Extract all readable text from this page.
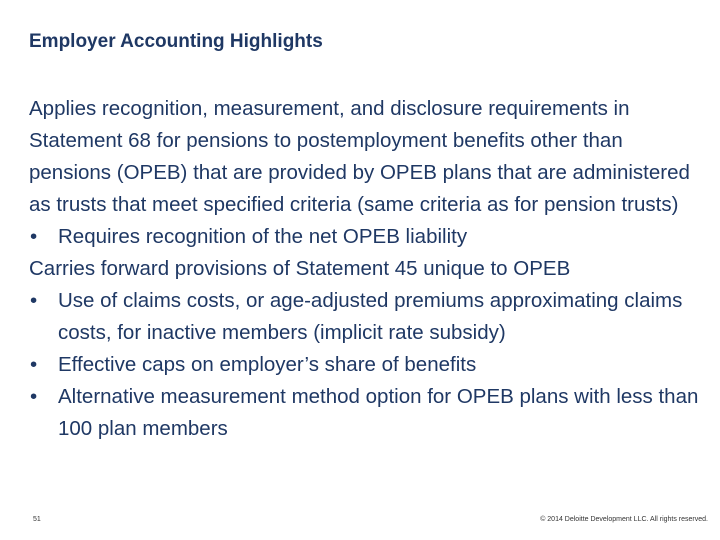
Employer Accounting Highlights

Applies recognition, measurement, and disclosure requirements in Statement 68 for pensions to postemployment benefits other than pensions (OPEB) that are provided by OPEB plans that are administered as trusts that meet specified criteria (same criteria as for pension trusts)

•	Requires recognition of the net OPEB liability

Carries forward provisions of Statement 45 unique to OPEB

•	Use of claims costs, or age-adjusted premiums approximating claims costs, for inactive members (implicit rate subsidy)
•	Effective caps on employer’s share of benefits
•	Alternative measurement method option for OPEB plans with less than 100 plan members
51	© 2014 Deloitte Development LLC. All rights reserved.
